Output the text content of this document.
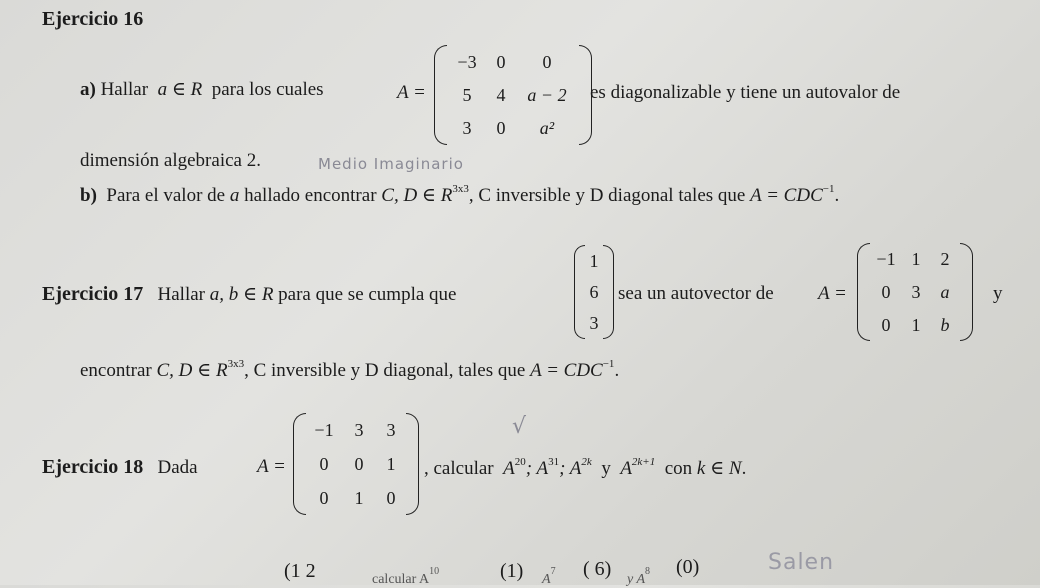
Ejercicio 16
a) Hallar a ∈ R para los cuales	A =
−3 0 0
5 4 a − 2
3 0 a²
es diagonalizable y tiene un autovalor de
dimensión algebraica 2.	Medio Imaginario
b) Para el valor de a hallado encontrar C, D ∈ $R^{3x3}$, C inversible y D diagonal tales que $A = CDC^{-1}$.
Ejercicio 17 Hallar a, b ∈ R para que se cumpla que
1
6
3
sea un autovector de A =
−1 1 2
0 3 a
0 1 b
y
encontrar C, D ∈ $R^{3x3}$, C inversible y D diagonal, tales que $A = CDC^{-1}$.
Ejercicio 18 Dada	A =
−1 3 3
0 0 1
0 1 0
, calcular $A^{20}$; $A^{31}$; $A^{2k}$ y $A^{2k+1}$ con k ∈ N.
√
(1 2	calcular $A^{10}$	(1) $A^7$ ( 6) y $A^8$ (0)	Salen
